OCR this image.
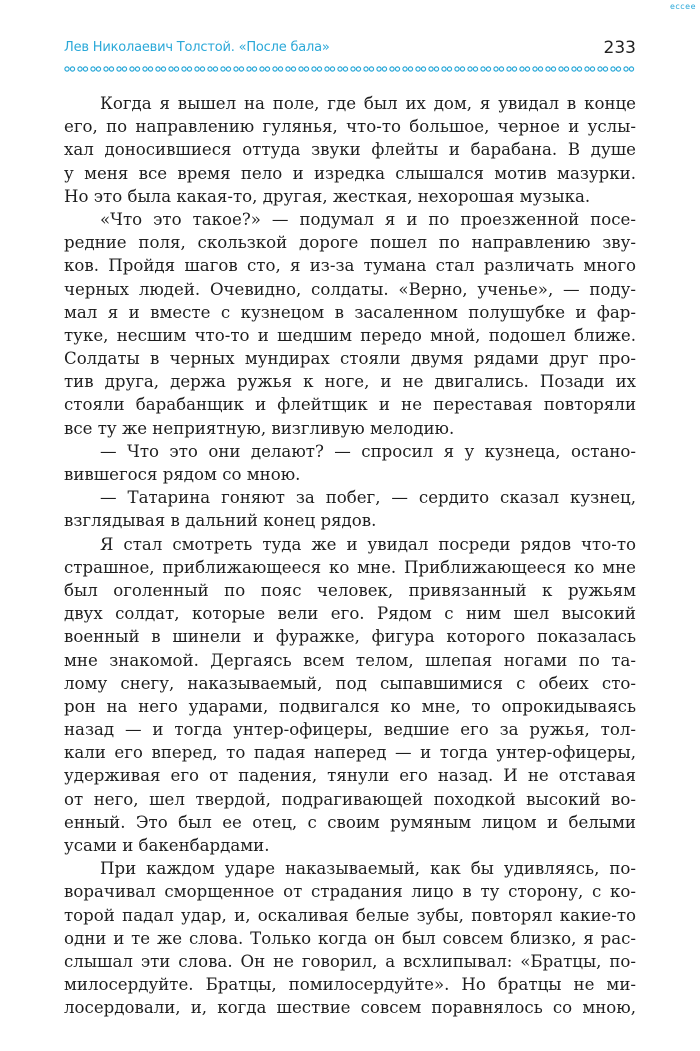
eccee
Лев Николаевич Толстой. «После бала»	233
Когда я вышел на поле, где был их дом, я увидал в конце
его, по направлению гулянья, что-то большое, черное и услы-
хал доносившиеся оттуда звуки флейты и барабана. В душе
у меня все время пело и изредка слышался мотив мазурки.
Но это была какая-то, другая, жесткая, нехорошая музыка.
«Что это такое?» — подумал я и по проезженной посе-
редние поля, скользкой дороге пошел по направлению зву-
ков. Пройдя шагов сто, я из-за тумана стал различать много
черных людей. Очевидно, солдаты. «Верно, ученье», — поду-
мал я и вместе с кузнецом в засаленном полушубке и фар-
туке, несшим что-то и шедшим передо мной, подошел ближе.
Солдаты в черных мундирах стояли двумя рядами друг про-
тив друга, держа ружья к ноге, и не двигались. Позади их
стояли барабанщик и флейтщик и не переставая повторяли
все ту же неприятную, визгливую мелодию.
— Что это они делают? — спросил я у кузнеца, остано-
вившегося рядом со мною.
— Татарина гоняют за побег, — сердито сказал кузнец,
взглядывая в дальний конец рядов.
Я стал смотреть туда же и увидал посреди рядов что-то
страшное, приближающееся ко мне. Приближающееся ко мне
был оголенный по пояс человек, привязанный к ружьям
двух солдат, которые вели его. Рядом с ним шел высокий
военный в шинели и фуражке, фигура которого показалась
мне знакомой. Дергаясь всем телом, шлепая ногами по та-
лому снегу, наказываемый, под сыпавшимися с обеих сто-
рон на него ударами, подвигался ко мне, то опрокидываясь
назад — и тогда унтер-офицеры, ведшие его за ружья, тол-
кали его вперед, то падая наперед — и тогда унтер-офицеры,
удерживая его от падения, тянули его назад. И не отставая
от него, шел твердой, подрагивающей походкой высокий во-
енный. Это был ее отец, с своим румяным лицом и белыми
усами и бакенбардами.
При каждом ударе наказываемый, как бы удивляясь, по-
ворачивал сморщенное от страдания лицо в ту сторону, с ко-
торой падал удар, и, оскаливая белые зубы, повторял какие-то
одни и те же слова. Только когда он был совсем близко, я рас-
слышал эти слова. Он не говорил, а всхлипывал: «Братцы, по-
милосердуйте. Братцы, помилосердуйте». Но братцы не ми-
лосердовали, и, когда шествие совсем поравнялось со мною,
